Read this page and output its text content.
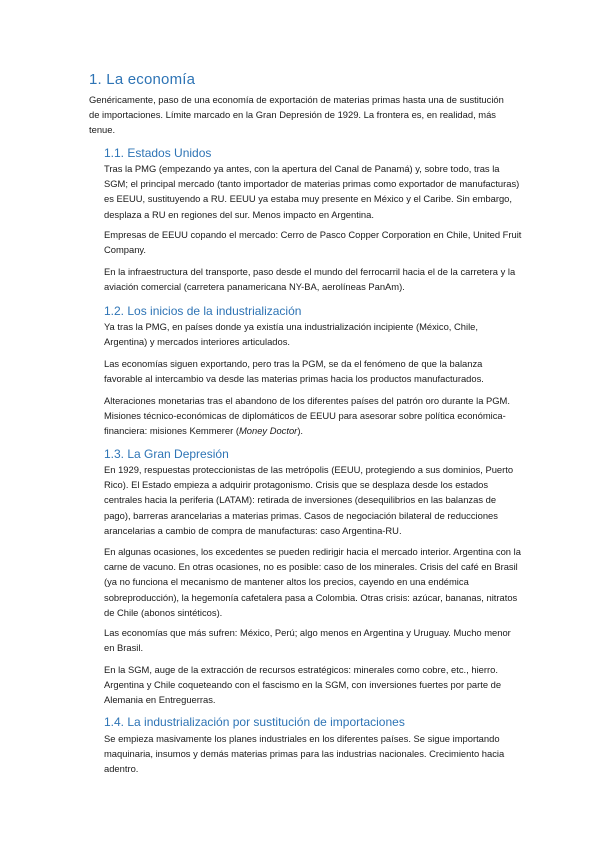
1. La economía

Genéricamente, paso de una economía de exportación de materias primas hasta una de sustitución de importaciones. Límite marcado en la Gran Depresión de 1929. La frontera es, en realidad, más tenue.

1.1. Estados Unidos

Tras la PMG (empezando ya antes, con la apertura del Canal de Panamá) y, sobre todo, tras la SGM; el principal mercado (tanto importador de materias primas como exportador de manufacturas) es EEUU, sustituyendo a RU. EEUU ya estaba muy presente en México y el Caribe. Sin embargo, desplaza a RU en regiones del sur. Menos impacto en Argentina.

Empresas de EEUU copando el mercado: Cerro de Pasco Copper Corporation en Chile, United Fruit Company.

En la infraestructura del transporte, paso desde el mundo del ferrocarril hacia el de la carretera y la aviación comercial (carretera panamericana NY-BA, aerolíneas PanAm).

1.2. Los inicios de la industrialización

Ya tras la PMG, en países donde ya existía una industrialización incipiente (México, Chile, Argentina) y mercados interiores articulados.

Las economías siguen exportando, pero tras la PGM, se da el fenómeno de que la balanza favorable al intercambio va desde las materias primas hacia los productos manufacturados.

Alteraciones monetarias tras el abandono de los diferentes países del patrón oro durante la PGM. Misiones técnico-económicas de diplomáticos de EEUU para asesorar sobre política económica-financiera: misiones Kemmerer (Money Doctor).

1.3. La Gran Depresión

En 1929, respuestas proteccionistas de las metrópolis (EEUU, protegiendo a sus dominios, Puerto Rico). El Estado empieza a adquirir protagonismo. Crisis que se desplaza desde los estados centrales hacia la periferia (LATAM): retirada de inversiones (desequilibrios en las balanzas de pago), barreras arancelarias a materias primas. Casos de negociación bilateral de reducciones arancelarias a cambio de compra de manufacturas: caso Argentina-RU.

En algunas ocasiones, los excedentes se pueden redirigir hacia el mercado interior. Argentina con la carne de vacuno. En otras ocasiones, no es posible: caso de los minerales. Crisis del café en Brasil (ya no funciona el mecanismo de mantener altos los precios, cayendo en una endémica sobreproducción), la hegemonía cafetalera pasa a Colombia. Otras crisis: azúcar, bananas, nitratos de Chile (abonos sintéticos).

Las economías que más sufren: México, Perú; algo menos en Argentina y Uruguay. Mucho menor en Brasil.

En la SGM, auge de la extracción de recursos estratégicos: minerales como cobre, etc., hierro. Argentina y Chile coqueteando con el fascismo en la SGM, con inversiones fuertes por parte de Alemania en Entreguerras.

1.4. La industrialización por sustitución de importaciones

Se empieza masivamente los planes industriales en los diferentes países. Se sigue importando maquinaria, insumos y demás materias primas para las industrias nacionales. Crecimiento hacia adentro.
